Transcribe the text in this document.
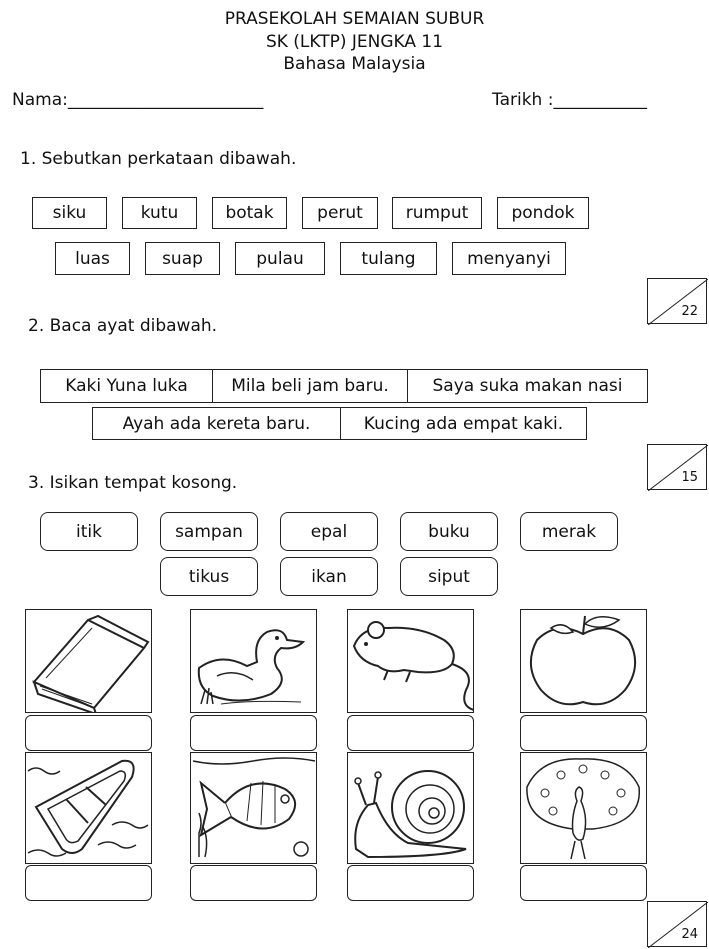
PRASEKOLAH SEMAIAN SUBUR
SK (LKTP) JENGKA 11
Bahasa Malaysia
Nama:_______________________	Tarikh :___________
1. Sebutkan perkataan dibawah.
siku	kutu	botak	perut	rumput	pondok
luas	suap	pulau	tulang	menyanyi
22
2. Baca ayat dibawah.
Kaki Yuna luka	Mila beli jam baru.	Saya suka makan nasi
Ayah ada kereta baru.	Kucing ada empat kaki.
15
3. Isikan tempat kosong.
itik	sampan	epal	buku	merak
tikus	ikan	siput
24
